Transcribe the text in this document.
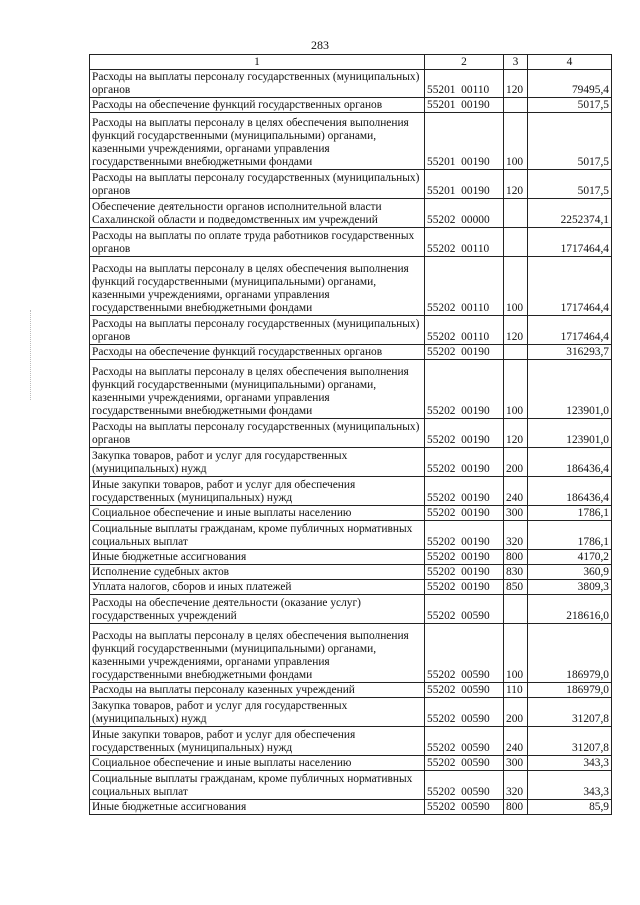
283
1	2	3	4
Расходы на выплаты персоналу государственных (муниципальных) органов	55201  00110	120	79495,4
Расходы на обеспечение функций государственных органов	55201  00190		5017,5
Расходы на выплаты персоналу в целях обеспечения выполнения функций государственными (муниципальными) органами, казенными учреждениями, органами управления государственными внебюджетными фондами	55201  00190	100	5017,5
Расходы на выплаты персоналу государственных (муниципальных) органов	55201  00190	120	5017,5
Обеспечение деятельности органов исполнительной власти Сахалинской области и подведомственных им учреждений	55202  00000		2252374,1
Расходы на выплаты по оплате труда работников государственных органов	55202  00110		1717464,4
Расходы на выплаты персоналу в целях обеспечения выполнения функций государственными (муниципальными) органами, казенными учреждениями, органами управления государственными внебюджетными фондами	55202  00110	100	1717464,4
Расходы на выплаты персоналу государственных (муниципальных) органов	55202  00110	120	1717464,4
Расходы на обеспечение функций государственных органов	55202  00190		316293,7
Расходы на выплаты персоналу в целях обеспечения выполнения функций государственными (муниципальными) органами, казенными учреждениями, органами управления государственными внебюджетными фондами	55202  00190	100	123901,0
Расходы на выплаты персоналу государственных (муниципальных) органов	55202  00190	120	123901,0
Закупка товаров, работ и услуг для государственных (муниципальных) нужд	55202  00190	200	186436,4
Иные закупки товаров, работ и услуг для обеспечения государственных (муниципальных) нужд	55202  00190	240	186436,4
Социальное обеспечение и иные выплаты населению	55202  00190	300	1786,1
Социальные выплаты гражданам, кроме публичных нормативных социальных выплат	55202  00190	320	1786,1
Иные бюджетные ассигнования	55202  00190	800	4170,2
Исполнение судебных актов	55202  00190	830	360,9
Уплата налогов, сборов и иных платежей	55202  00190	850	3809,3
Расходы на обеспечение деятельности (оказание услуг) государственных учреждений	55202  00590		218616,0
Расходы на выплаты персоналу в целях обеспечения выполнения функций государственными (муниципальными) органами, казенными учреждениями, органами управления государственными внебюджетными фондами	55202  00590	100	186979,0
Расходы на выплаты персоналу казенных учреждений	55202  00590	110	186979,0
Закупка товаров, работ и услуг для государственных (муниципальных) нужд	55202  00590	200	31207,8
Иные закупки товаров, работ и услуг для обеспечения государственных (муниципальных) нужд	55202  00590	240	31207,8
Социальное обеспечение и иные выплаты населению	55202  00590	300	343,3
Социальные выплаты гражданам, кроме публичных нормативных социальных выплат	55202  00590	320	343,3
Иные бюджетные ассигнования	55202  00590	800	85,9
